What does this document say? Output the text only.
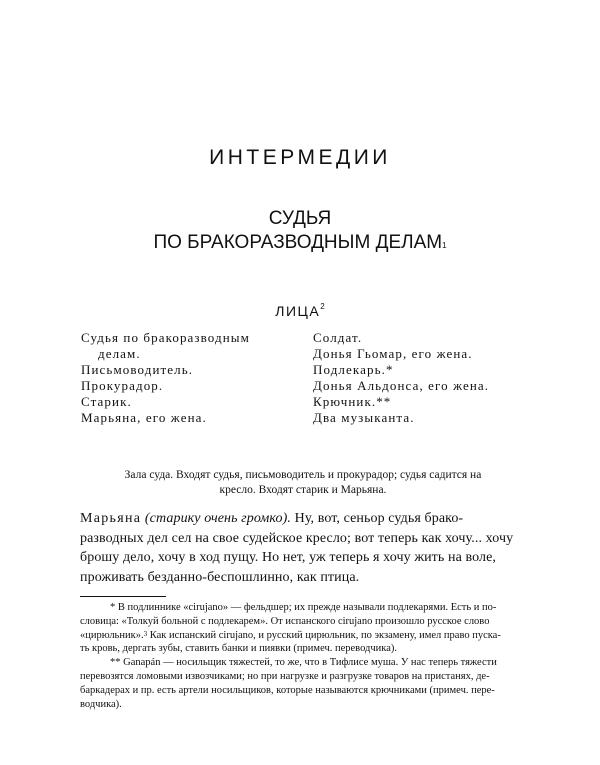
ИНТЕРМЕДИИ
СУДЬЯ
ПО БРАКОРАЗВОДНЫМ ДЕЛАМ$^1$
ЛИЦА$^2$
Судья по бракоразводным
делам.
Письмоводитель.
Прокурадор.
Старик.
Марьяна, его жена.
Солдат.
Донья Гьомар, его жена.
Подлекарь.*
Донья Альдонса, его жена.
Крючник.**
Два музыканта.
Зала суда. Входят судья, письмоводитель и прокурадор; судья садится на
кресло. Входят старик и Марьяна.
Марьяна (старику очень громко). Ну, вот, сеньор судья брако-
разводных дел сел на свое судейское кресло; вот теперь как хочу... хочу
брошу дело, хочу в ход пущу. Но нет, уж теперь я хочу жить на воле,
проживать безданно-беспошлинно, как птица.
* В подлиннике «cirujano» — фельдшер; их прежде называли подлекарями. Есть и по-
словица: «Толкуй больной с подлекарем». От испанского cirujano произошло русское слово
«цирюльник».$^3$ Как испанский cirujano, и русский цирюльник, по экзамену, имел право пуска-
ть кровь, дергать зубы, ставить банки и пиявки (примеч. переводчика).
** Ganapán — носильщик тяжестей, то же, что в Тифлисе муша. У нас теперь тяжести
перевозятся ломовыми извозчиками; но при нагрузке и разгрузке товаров на пристанях, де-
баркадерах и пр. есть артели носильщиков, которые называются крючниками (примеч. пере-
водчика).
